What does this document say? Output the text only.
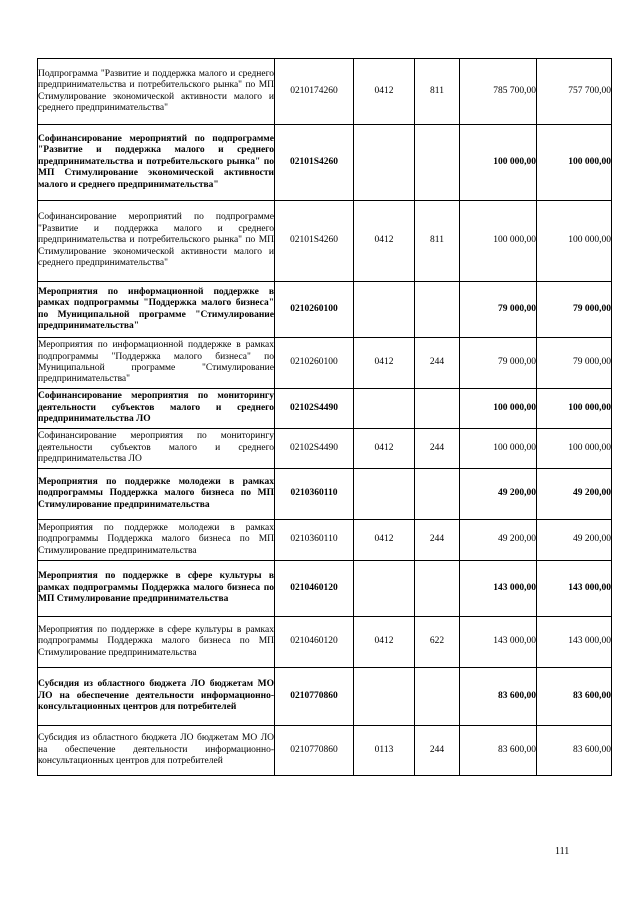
Подпрограмма "Развитие и поддержка малого и среднего предпринимательства и потребительского рынка" по МП Стимулирование экономической активности малого и среднего предпринимательства"	0210174260	0412	811	785 700,00	757 700,00
Софинансирование мероприятий по подпрограмме "Развитие и поддержка малого и среднего предпринимательства и потребительского рынка" по МП Стимулирование экономической активности малого и среднего предпринимательства"	02101S4260			100 000,00	100 000,00
Софинансирование мероприятий по подпрограмме "Развитие и поддержка малого и среднего предпринимательства и потребительского рынка" по МП Стимулирование экономической активности малого и среднего предпринимательства"	02101S4260	0412	811	100 000,00	100 000,00
Мероприятия по информационной поддержке в рамках подпрограммы "Поддержка малого бизнеса" по Муниципальной программе "Стимулирование предпринимательства"	0210260100			79 000,00	79 000,00
Мероприятия по информационной поддержке в рамках подпрограммы "Поддержка малого бизнеса" по Муниципальной программе "Стимулирование предпринимательства"	0210260100	0412	244	79 000,00	79 000,00
Софинансирование мероприятия по мониторингу деятельности субъектов малого и среднего предпринимательства ЛО	02102S4490			100 000,00	100 000,00
Софинансирование мероприятия по мониторингу деятельности субъектов малого и среднего предпринимательства ЛО	02102S4490	0412	244	100 000,00	100 000,00
Мероприятия по поддержке молодежи в рамках подпрограммы Поддержка малого бизнеса по МП Стимулирование предпринимательства	0210360110			49 200,00	49 200,00
Мероприятия по поддержке молодежи в рамках подпрограммы Поддержка малого бизнеса по МП Стимулирование предпринимательства	0210360110	0412	244	49 200,00	49 200,00
Мероприятия по поддержке в сфере культуры в рамках подпрограммы Поддержка малого бизнеса по МП Стимулирование предпринимательства	0210460120			143 000,00	143 000,00
Мероприятия по поддержке в сфере культуры в рамках подпрограммы Поддержка малого бизнеса по МП Стимулирование предпринимательства	0210460120	0412	622	143 000,00	143 000,00
Субсидия из областного бюджета ЛО бюджетам МО ЛО на обеспечение деятельности информационно-консультационных центров для потребителей	0210770860			83 600,00	83 600,00
Субсидия из областного бюджета ЛО бюджетам МО ЛО на обеспечение деятельности информационно-консультационных центров для потребителей	0210770860	0113	244	83 600,00	83 600,00
111
